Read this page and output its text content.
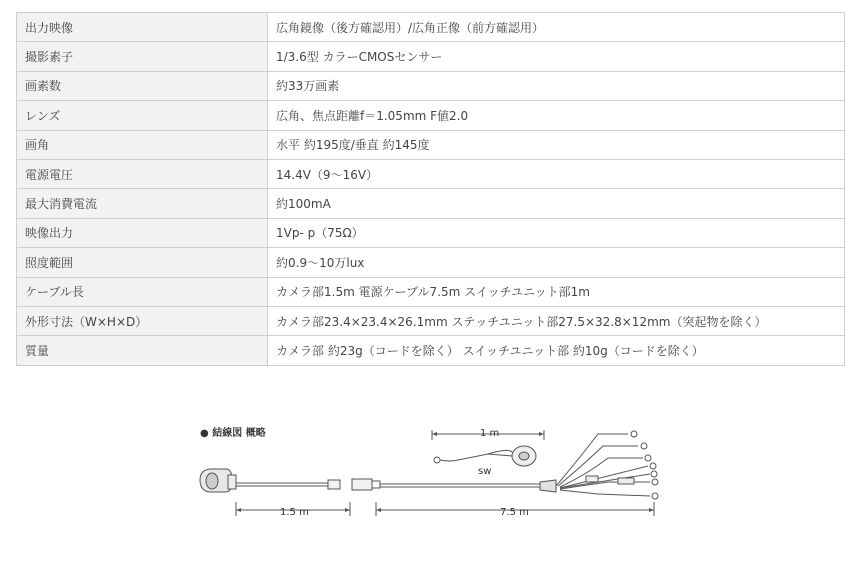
出力映像	広角鏡像（後方確認用）/広角正像（前方確認用）
撮影素子	1/3.6型 カラーCMOSセンサー
画素数	約33万画素
レンズ	広角、焦点距離f＝1.05mm F値2.0
画角	水平 約195度/垂直 約145度
電源電圧	14.4V（9～16V）
最大消費電流	約100mA
映像出力	1Vp- p（75Ω）
照度範囲	約0.9～10万lux
ケーブル長	カメラ部1.5m 電源ケーブル7.5m スイッチユニット部1m
外形寸法（W×H×D）	カメラ部23.4×23.4×26.1mm ステッチユニット部27.5×32.8×12mm（突起物を除く）
質量	カメラ部 約23g（コードを除く） スイッチユニット部 約10g（コードを除く）
● 結線図 概略	1 m
sw
1.5 m	7.5 m
